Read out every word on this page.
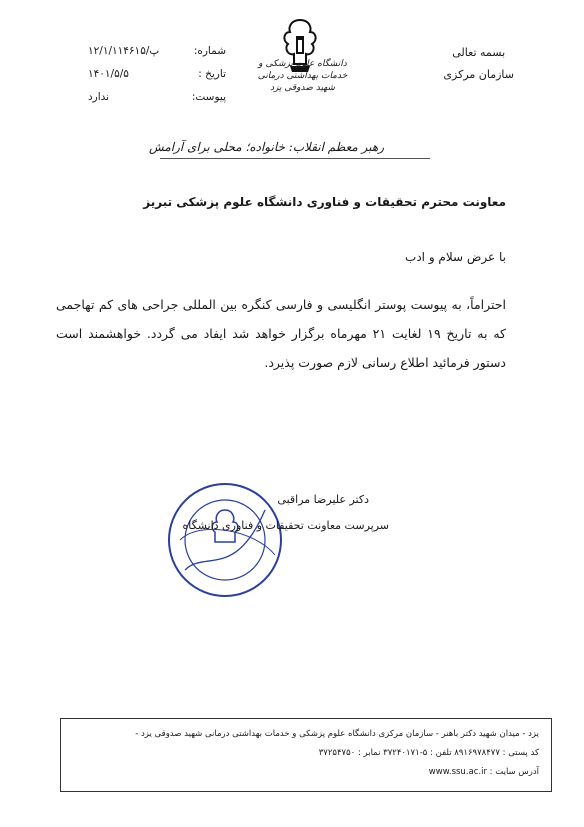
بسمه تعالی
سازمان مرکزی
دانشگاه علوم پزشکی و خدمات بهداشتی درمانی
شهید صدوقی یزد
شماره:
۱۲/۱/۱۱۴۶۱۵/پ
تاریخ :
۱۴۰۱/۵/۵
پیوست:
ندارد
رهبر معظم انقلاب: خانواده؛ محلی برای آرامش
معاونت محترم تحقیقات و فناوری دانشگاه علوم پزشکی تبریز
با عرض سلام و ادب
احتراماً، به پیوست پوستر انگلیسی و فارسی کنگره بین المللی جراحی های کم تهاجمی که به تاریخ ۱۹ لغایت ۲۱ مهرماه برگزار خواهد شد ایفاد می گردد. خواهشمند است دستور فرمائید اطلاع رسانی لازم صورت پذیرد.
دکتر علیرضا مراقبی
سرپرست معاونت تحقیقات و فناوری دانشگاه
یزد - میدان شهید دکتر باهنر - سازمان مرکزی دانشگاه علوم پزشکی و خدمات بهداشتی درمانی شهید صدوقی یزد -
کد پستی : ۸۹۱۶۹۷۸۴۷۷ تلفن : ۵-۳۷۲۴۰۱۷۱ نمابر : ۳۷۲۵۴۷۵۰
آدرس سایت : www.ssu.ac.ir
